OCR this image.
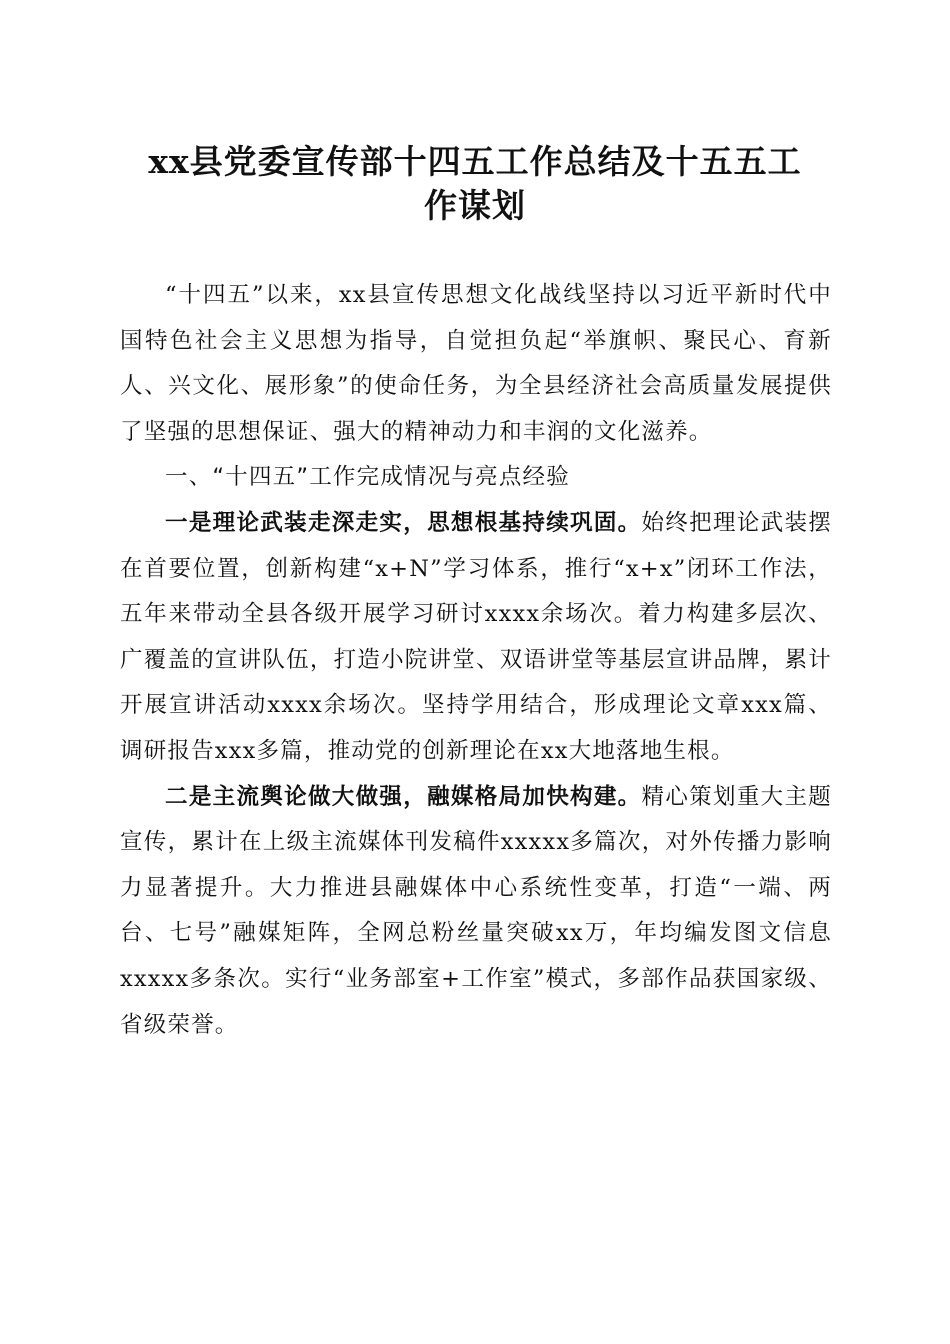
xx县党委宣传部十四五工作总结及十五五工
作谋划

“十四五”以来，xx县宣传思想文化战线坚持以习近平新时代中国特色社会主义思想为指导，自觉担负起“举旗帜、聚民心、育新人、兴文化、展形象”的使命任务，为全县经济社会高质量发展提供了坚强的思想保证、强大的精神动力和丰润的文化滋养。

一、“十四五”工作完成情况与亮点经验

一是理论武装走深走实，思想根基持续巩固。始终把理论武装摆在首要位置，创新构建“x+N”学习体系，推行“x+x”闭环工作法，五年来带动全县各级开展学习研讨xxxx余场次。着力构建多层次、广覆盖的宣讲队伍，打造小院讲堂、双语讲堂等基层宣讲品牌，累计开展宣讲活动xxxx余场次。坚持学用结合，形成理论文章xxx篇、调研报告xxx多篇，推动党的创新理论在xx大地落地生根。

二是主流舆论做大做强，融媒格局加快构建。精心策划重大主题宣传，累计在上级主流媒体刊发稿件xxxxx多篇次，对外传播力影响力显著提升。大力推进县融媒体中心系统性变革，打造“一端、两台、七号”融媒矩阵，全网总粉丝量突破xx万，年均编发图文信息xxxxx多条次。实行“业务部室+工作室”模式，多部作品获国家级、省级荣誉。
